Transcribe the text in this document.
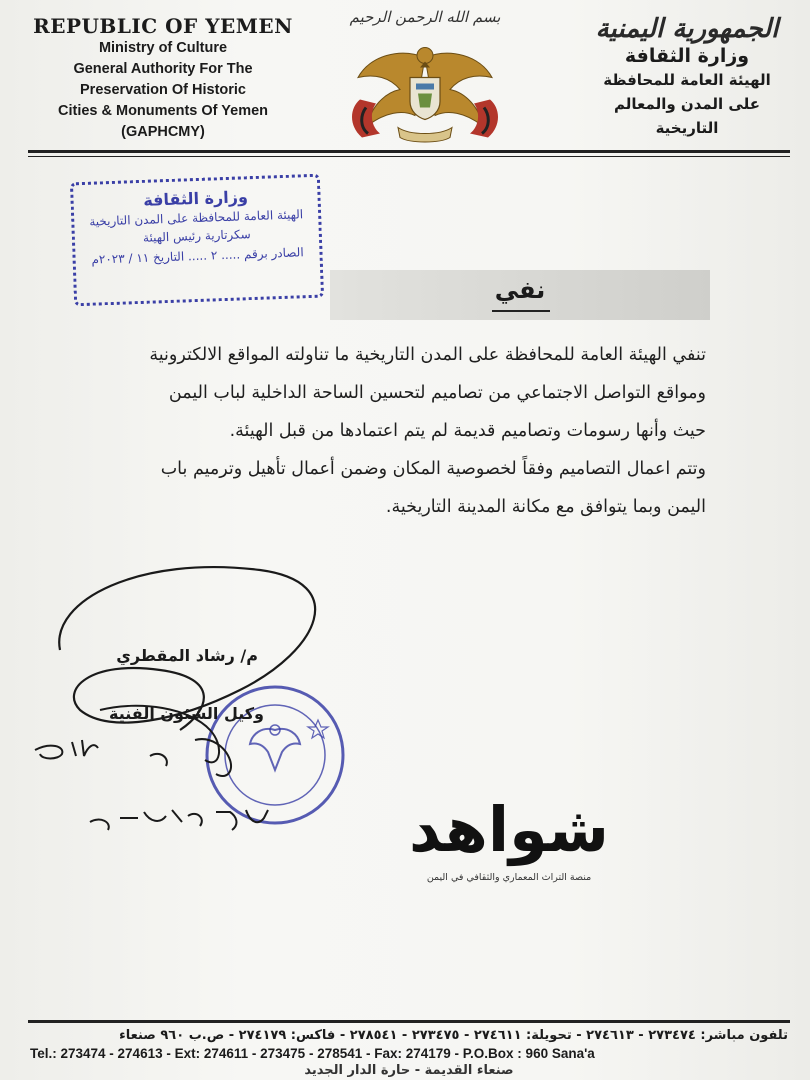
REPUBLIC OF YEMEN
Ministry of Culture
General Authority For The
Preservation Of Historic
Cities & Monuments Of Yemen
(GAPHCMY)
بسم الله الرحمن الرحيم	الجمهورية اليمنية
وزارة الثقافة
الهيئة العامة للمحافظة
على المدن والمعالم التاريخية
وزارة الثقافة
الهيئة العامة للمحافظة على المدن التاريخية
سكرتارية رئيس الهيئة
الصادر برقم ..... ٢ ..... التاريخ ١١ / ٢٠٢٣م
نفي

تنفي الهيئة العامة للمحافظة على المدن التاريخية ما تناولته المواقع الالكترونية

ومواقع التواصل الاجتماعي من تصاميم لتحسين الساحة الداخلية لباب اليمن

حيث وأنها رسومات وتصاميم قديمة لم يتم اعتمادها من قبل الهيئة.

وتتم اعمال التصاميم وفقاً لخصوصية المكان وضمن أعمال تأهيل وترميم باب

اليمن وبما يتوافق مع مكانة المدينة التاريخية.

م/ رشاد المقطري
وكيل الشئون الفنية
شواهد
منصة التراث المعماري والثقافي في اليمن
تلفون مباشر: ٢٧٣٤٧٤ - ٢٧٤٦١٣ - تحويلة: ٢٧٤٦١١ - ٢٧٣٤٧٥ - ٢٧٨٥٤١ - فاكس: ٢٧٤١٧٩ - ص.ب ٩٦٠ صنعاء
Tel.: 273474 - 274613 - Ext: 274611 - 273475 - 278541 - Fax: 274179 - P.O.Box : 960 Sana'a
صنعاء القديمة - حارة الدار الجديد
